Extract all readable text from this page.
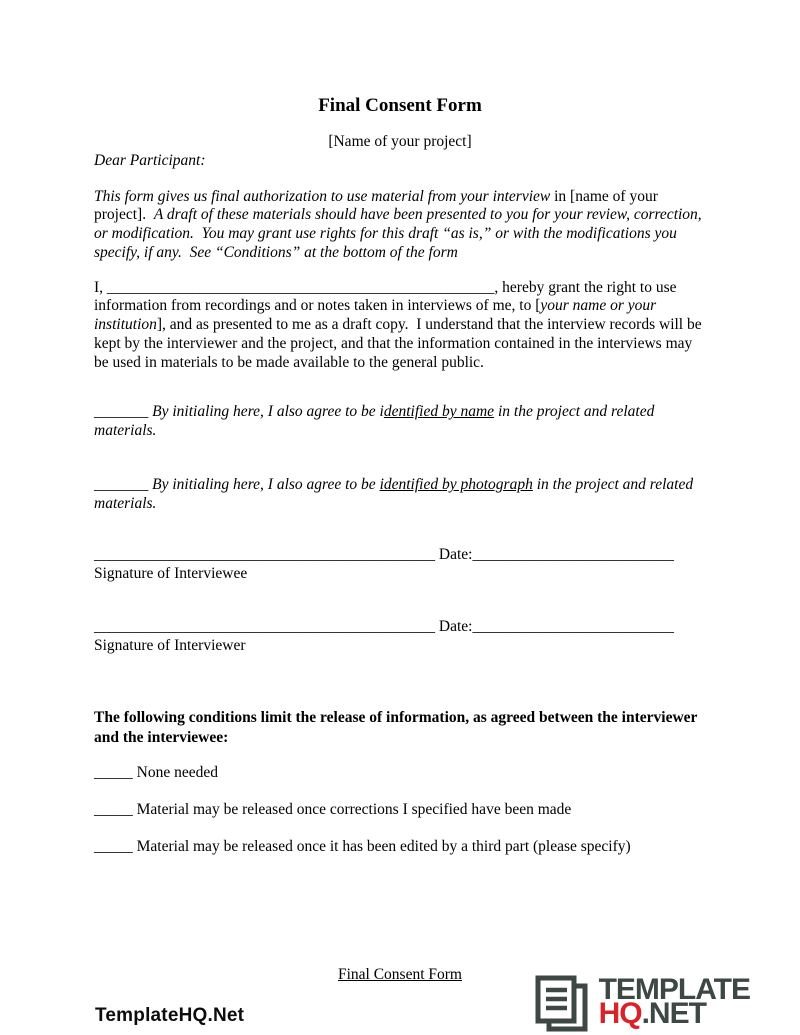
Final Consent Form
[Name of your project]
Dear Participant:

This form gives us final authorization to use material from your interview in [name of your project].  A draft of these materials should have been presented to you for your review, correction, or modification.  You may grant use rights for this draft “as is,” or with the modifications you specify, if any.  See “Conditions” at the bottom of the form

I, __________________________________________________, hereby grant the right to use information from recordings and or notes taken in interviews of me, to [your name or your institution], and as presented to me as a draft copy.  I understand that the interview records will be kept by the interviewer and the project, and that the information contained in the interviews may be used in materials to be made available to the general public.

_______ By initialing here, I also agree to be identified by name in the project and related materials.

_______ By initialing here, I also agree to be identified by photograph in the project and related materials.

____________________________________________ Date:__________________________
Signature of Interviewee
____________________________________________ Date:__________________________
Signature of Interviewer
The following conditions limit the release of information, as agreed between the interviewer and the interviewee:

_____ None needed

_____ Material may be released once corrections I specified have been made

_____ Material may be released once it has been edited by a third part (please specify)

Final Consent Form
TemplateHQ.Net
TEMPLATE
HQ.NET
